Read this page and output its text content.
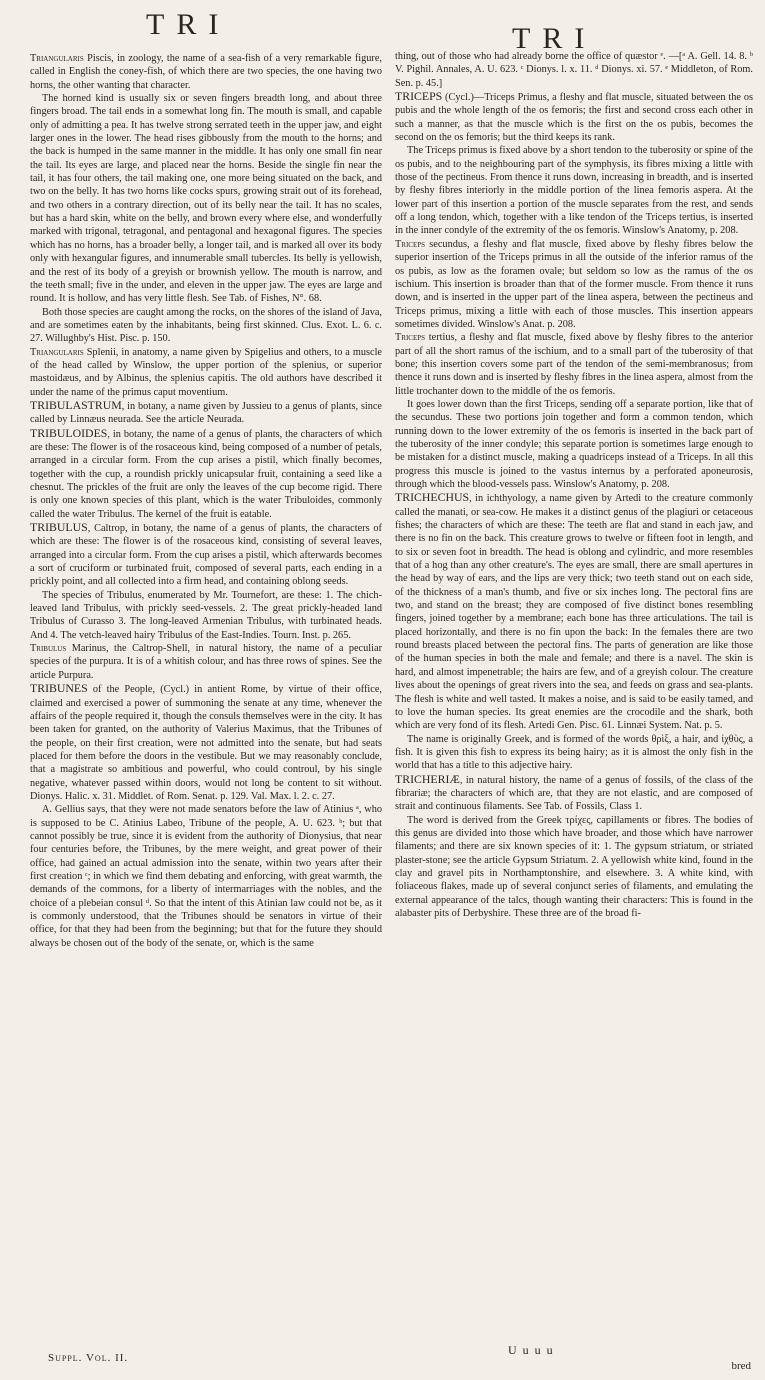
TRI	TRI

Triangularis Piscis, in zoology, the name of a sea-fish of a very remarkable figure, called in English the coney-fish, of which there are two species, the one having two horns, the other wanting that character.

The horned kind is usually six or seven fingers breadth long, and about three fingers broad. The tail ends in a somewhat long fin. The mouth is small, and capable only of admitting a pea. It has twelve strong serrated teeth in the upper jaw, and eight larger ones in the lower. The head rises gibbously from the mouth to the horns; and the back is humped in the same manner in the middle. It has only one small fin near the tail. Its eyes are large, and placed near the horns. Beside the single fin near the tail, it has four others, the tail making one, one more being situated on the back, and two on the belly. It has two horns like cocks spurs, growing strait out of its forehead, and two others in a contrary direction, out of its belly near the tail. It has no scales, but has a hard skin, white on the belly, and brown every where else, and wonderfully marked with trigonal, tetragonal, and pentagonal and hexagonal figures. The species which has no horns, has a broader belly, a longer tail, and is marked all over its body only with hexangular figures, and innumerable small tubercles. Its belly is yellowish, and the rest of its body of a greyish or brownish yellow. The mouth is narrow, and the teeth small; five in the under, and eleven in the upper jaw. The eyes are large and round. It is hollow, and has very little flesh. See Tab. of Fishes, N°. 68.

Both those species are caught among the rocks, on the shores of the island of Java, and are sometimes eaten by the inhabitants, being first skinned. Clus. Exot. L. 6. c. 27. Willughby's Hist. Pisc. p. 150.

Triangularis Splenii, in anatomy, a name given by Spigelius and others, to a muscle of the head called by Winslow, the upper portion of the splenius, or superior mastoidæus, and by Albinus, the splenius capitis. The old authors have described it under the name of the primus caput moventium.

TRIBULASTRUM, in botany, a name given by Jussieu to a genus of plants, since called by Linnæus neurada. See the article Neurada.

TRIBULOIDES, in botany, the name of a genus of plants, the characters of which are these: The flower is of the rosaceous kind, being composed of a number of petals, arranged in a circular form. From the cup arises a pistil, which finally becomes, together with the cup, a roundish prickly unicapsular fruit, containing a seed like a chesnut. The prickles of the fruit are only the leaves of the cup become rigid. There is only one known species of this plant, which is the water Tribuloides, commonly called the water Tribulus. The kernel of the fruit is eatable.

TRIBULUS, Caltrop, in botany, the name of a genus of plants, the characters of which are these: The flower is of the rosaceous kind, consisting of several leaves, arranged into a circular form. From the cup arises a pistil, which afterwards becomes a sort of cruciform or turbinated fruit, composed of several parts, each ending in a prickly point, and all collected into a firm head, and containing oblong seeds.

The species of Tribulus, enumerated by Mr. Tournefort, are these: 1. The chich-leaved land Tribulus, with prickly seed-vessels. 2. The great prickly-headed land Tribulus of Curasso 3. The long-leaved Armenian Tribulus, with turbinated heads. And 4. The vetch-leaved hairy Tribulus of the East-Indies. Tourn. Inst. p. 265.

Tribulus Marinus, the Caltrop-Shell, in natural history, the name of a peculiar species of the purpura. It is of a whitish colour, and has three rows of spines. See the article Purpura.

TRIBUNES of the People, (Cycl.) in antient Rome, by virtue of their office, claimed and exercised a power of summoning the senate at any time, whenever the affairs of the people required it, though the consuls themselves were in the city. It has been taken for granted, on the authority of Valerius Maximus, that the Tribunes of the people, on their first creation, were not admitted into the senate, but had seats placed for them before the doors in the vestibule. But we may reasonably conclude, that a magistrate so ambitious and powerful, who could controul, by his single negative, whatever passed within doors, would not long be content to sit without. Dionys. Halic. x. 31. Middlet. of Rom. Senat. p. 129. Val. Max. l. 2. c. 27.

A. Gellius says, that they were not made senators before the law of Atinius ᵃ, who is supposed to be C. Atinius Labeo, Tribune of the people, A. U. 623. ᵇ; but that cannot possibly be true, since it is evident from the authority of Dionysius, that near four centuries before, the Tribunes, by the mere weight, and great power of their office, had gained an actual admission into the senate, within two years after their first creation ᶜ; in which we find them debating and enforcing, with great warmth, the demands of the commons, for a liberty of intermarriages with the nobles, and the choice of a plebeian consul ᵈ. So that the intent of this Atinian law could not be, as it is commonly understood, that the Tribunes should be senators in virtue of their office, for that they had been from the beginning; but that for the future they should always be chosen out of the body of the senate, or, which is the same

thing, out of those who had already borne the office of quæstor ᵉ. —[ᵃ A. Gell. 14. 8. ᵇ V. Pighil. Annales, A. U. 623. ᶜ Dionys. l. x. 11. ᵈ Dionys. xi. 57. ᵉ Middleton, of Rom. Sen. p. 45.]

TRICEPS (Cycl.)—Triceps Primus, a fleshy and flat muscle, situated between the os pubis and the whole length of the os femoris; the first and second cross each other in such a manner, as that the muscle which is the first on the os pubis, becomes the second on the os femoris; but the third keeps its rank.

The Triceps primus is fixed above by a short tendon to the tuberosity or spine of the os pubis, and to the neighbouring part of the symphysis, its fibres mixing a little with those of the pectineus. From thence it runs down, increasing in breadth, and is inserted by fleshy fibres interiorly in the middle portion of the linea femoris aspera. At the lower part of this insertion a portion of the muscle separates from the rest, and sends off a long tendon, which, together with a like tendon of the Triceps tertius, is inserted in the inner condyle of the extremity of the os femoris. Winslow's Anatomy, p. 208.

Triceps secundus, a fleshy and flat muscle, fixed above by fleshy fibres below the superior insertion of the Triceps primus in all the outside of the inferior ramus of the os pubis, as low as the foramen ovale; but seldom so low as the ramus of the os ischium. This insertion is broader than that of the former muscle. From thence it runs down, and is inserted in the upper part of the linea aspera, between the pectineus and Triceps primus, mixing a little with each of those muscles. This insertion appears sometimes divided. Winslow's Anat. p. 208.

Triceps tertius, a fleshy and flat muscle, fixed above by fleshy fibres to the anterior part of all the short ramus of the ischium, and to a small part of the tuberosity of that bone; this insertion covers some part of the tendon of the semi-membranosus; from thence it runs down and is inserted by fleshy fibres in the linea aspera, almost from the little trochanter down to the middle of the os femoris.

It goes lower down than the first Triceps, sending off a separate portion, like that of the secundus. These two portions join together and form a common tendon, which running down to the lower extremity of the os femoris is inserted in the back part of the tuberosity of the inner condyle; this separate portion is sometimes large enough to be mistaken for a distinct muscle, making a quadriceps instead of a Triceps. In all this progress this muscle is joined to the vastus internus by a perforated aponeurosis, through which the blood-vessels pass. Winslow's Anatomy, p. 208.

TRICHECHUS, in ichthyology, a name given by Artedi to the creature commonly called the manati, or sea-cow. He makes it a distinct genus of the plagiuri or cetaceous fishes; the characters of which are these: The teeth are flat and stand in each jaw, and there is no fin on the back. This creature grows to twelve or fifteen foot in length, and to six or seven foot in breadth. The head is oblong and cylindric, and more resembles that of a hog than any other creature's. The eyes are small, there are small apertures in the head by way of ears, and the lips are very thick; two teeth stand out on each side, of the thickness of a man's thumb, and five or six inches long. The pectoral fins are two, and stand on the breast; they are composed of five distinct bones resembling fingers, joined together by a membrane; each bone has three articulations. The tail is placed horizontally, and there is no fin upon the back: In the females there are two round breasts placed between the pectoral fins. The parts of generation are like those of the human species in both the male and female; and there is a navel. The skin is hard, and almost impenetrable; the hairs are few, and of a greyish colour. The creature lives about the openings of great rivers into the sea, and feeds on grass and sea-plants. The flesh is white and well tasted. It makes a noise, and is said to be easily tamed, and to love the human species. Its great enemies are the crocodile and the shark, both which are very fond of its flesh. Artedi Gen. Pisc. 61. Linnæi System. Nat. p. 5.

The name is originally Greek, and is formed of the words θρὶξ, a hair, and ἰχθὺς, a fish. It is given this fish to express its being hairy; as it is almost the only fish in the world that has a title to this adjective hairy.

TRICHERIÆ, in natural history, the name of a genus of fossils, of the class of the fibrariæ; the characters of which are, that they are not elastic, and are composed of strait and continuous filaments. See Tab. of Fossils, Class 1.

The word is derived from the Greek τρίχες, capillaments or fibres. The bodies of this genus are divided into those which have broader, and those which have narrower filaments; and there are six known species of it: 1. The gypsum striatum, or striated plaster-stone; see the article Gypsum Striatum. 2. A yellowish white kind, found in the clay and gravel pits in Northamptonshire, and elsewhere. 3. A white kind, with foliaceous flakes, made up of several conjunct series of filaments, and emulating the external appearance of the talcs, though wanting their characters: This is found in the alabaster pits of Derbyshire. These three are of the broad fi-

Suppl. Vol. II.
Uuuu
bred
